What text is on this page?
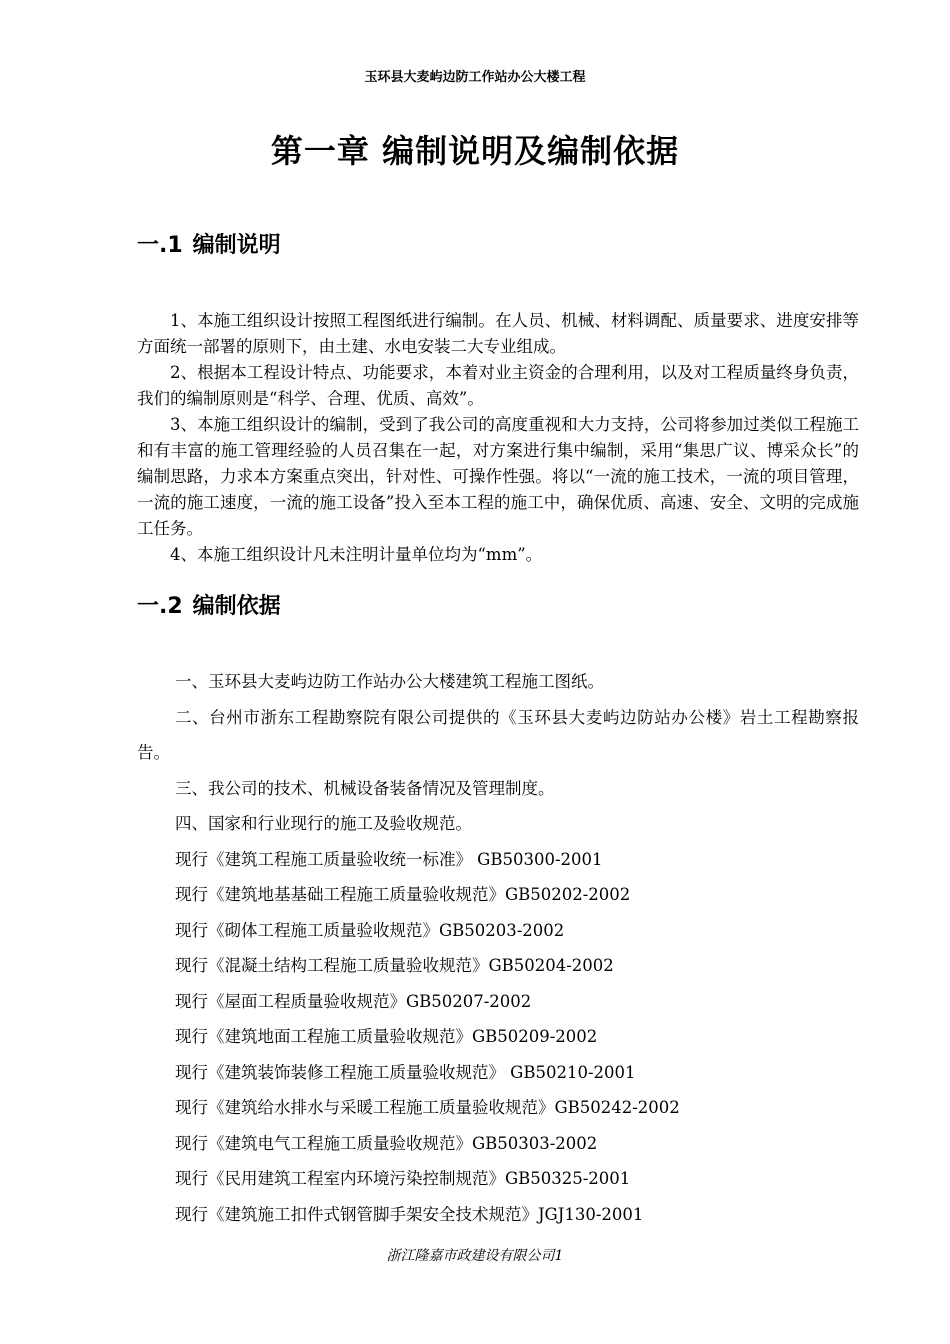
玉环县大麦屿边防工作站办公大楼工程
第一章 编制说明及编制依据
一.1 编制说明

1、本施工组织设计按照工程图纸进行编制。在人员、机械、材料调配、质量要求、进度安排等方面统一部署的原则下，由土建、水电安装二大专业组成。

2、根据本工程设计特点、功能要求，本着对业主资金的合理利用，以及对工程质量终身负责，我们的编制原则是“科学、合理、优质、高效”。

3、本施工组织设计的编制，受到了我公司的高度重视和大力支持，公司将参加过类似工程施工和有丰富的施工管理经验的人员召集在一起，对方案进行集中编制，采用“集思广议、博采众长”的编制思路，力求本方案重点突出，针对性、可操作性强。将以“一流的施工技术，一流的项目管理，一流的施工速度，一流的施工设备”投入至本工程的施工中，确保优质、高速、安全、文明的完成施工任务。

4、本施工组织设计凡未注明计量单位均为“mm”。

一.2 编制依据

一、玉环县大麦屿边防工作站办公大楼建筑工程施工图纸。

二、台州市浙东工程勘察院有限公司提供的《玉环县大麦屿边防站办公楼》岩土工程勘察报告。

三、我公司的技术、机械设备装备情况及管理制度。

四、国家和行业现行的施工及验收规范。

现行《建筑工程施工质量验收统一标准》 GB50300-2001

现行《建筑地基基础工程施工质量验收规范》GB50202-2002

现行《砌体工程施工质量验收规范》GB50203-2002

现行《混凝土结构工程施工质量验收规范》GB50204-2002

现行《屋面工程质量验收规范》GB50207-2002

现行《建筑地面工程施工质量验收规范》GB50209-2002

现行《建筑装饰装修工程施工质量验收规范》 GB50210-2001

现行《建筑给水排水与采暖工程施工质量验收规范》GB50242-2002

现行《建筑电气工程施工质量验收规范》GB50303-2002

现行《民用建筑工程室内环境污染控制规范》GB50325-2001

现行《建筑施工扣件式钢管脚手架安全技术规范》JGJ130-2001

浙江隆嘉市政建设有限公司1
